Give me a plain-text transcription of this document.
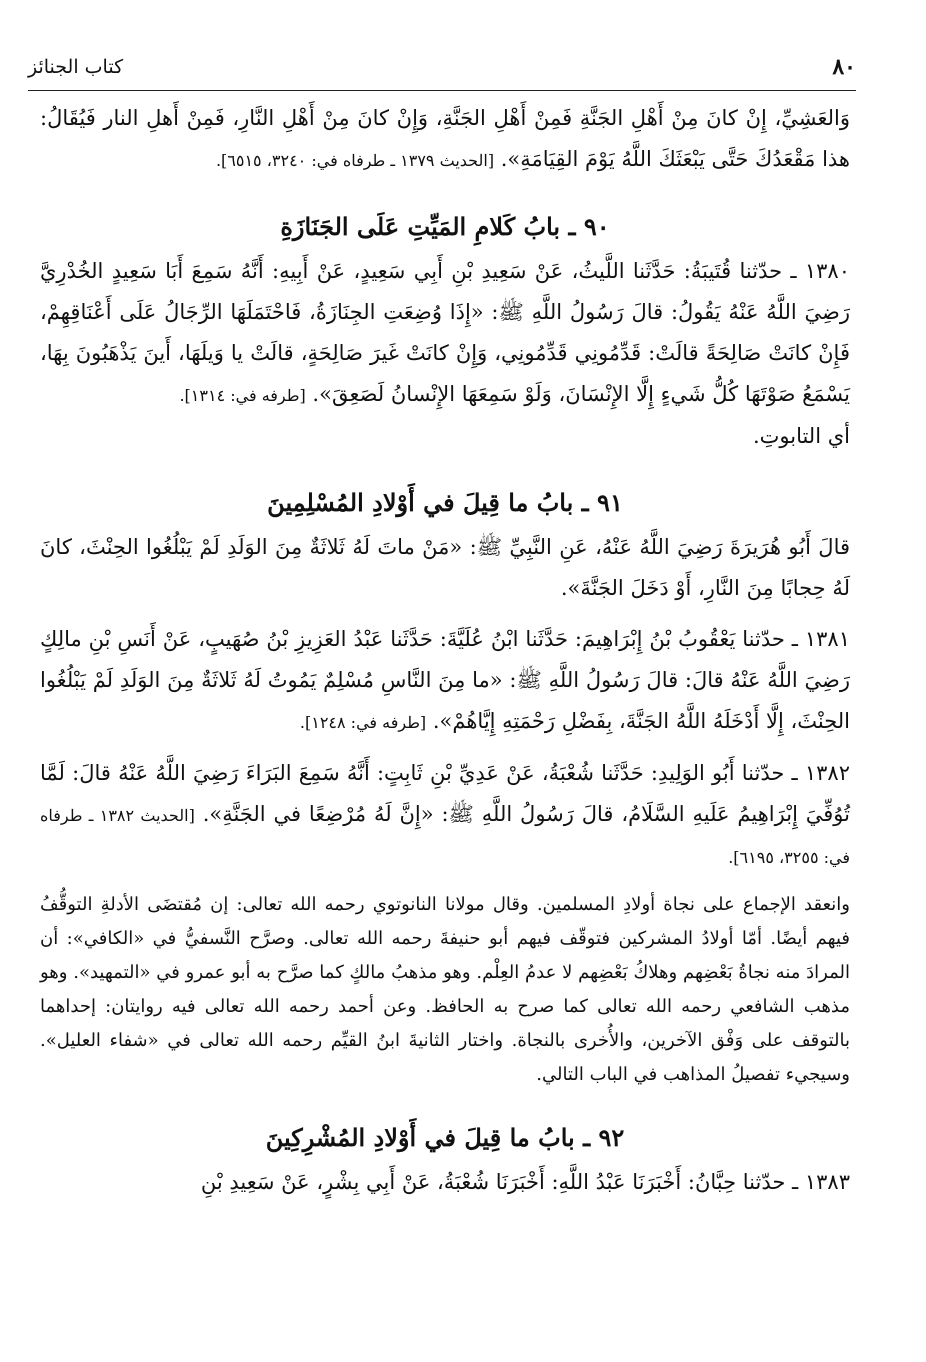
٨٠
كتاب الجنائز

وَالعَشِيِّ، إِنْ كانَ مِنْ أَهْلِ الجَنَّةِ فَمِنْ أَهْلِ الجَنَّةِ، وَإِنْ كانَ مِنْ أَهْلِ النَّارِ، فَمِنْ أَهلِ النار فَيُقَالُ: هذا مَقْعَدُكَ حَتَّى يَبْعَثَكَ اللَّهُ يَوْمَ القِيَامَةِ». [الحديث ١٣٧٩ ـ طرفاه في: ٣٢٤٠، ٦٥١٥].

٩٠ ـ بابُ كَلامِ المَيِّتِ عَلَى الجَنَازَةِ

١٣٨٠ ـ حدّثنا قُتَيبَةُ: حَدَّثَنا اللَّيثُ، عَنْ سَعِيدِ بْنِ أَبِي سَعِيدٍ، عَنْ أَبِيهِ: أَنَّهُ سَمِعَ أَبَا سَعِيدٍ الخُدْرِيَّ رَضِيَ اللَّهُ عَنْهُ يَقُولُ: قالَ رَسُولُ اللَّهِ ﷺ: «إِذَا وُضِعَتِ الجِنَازَةُ، فَاحْتَمَلَهَا الرِّجَالُ عَلَى أَعْنَاقِهِمْ، فَإِنْ كانَتْ صَالِحَةً قالَتْ: قَدِّمُونِي قَدِّمُونِي، وَإِنْ كانَتْ غَيرَ صَالِحَةٍ، قالَتْ يا وَيلَهَا، أَينَ يَذْهَبُونَ بِهَا، يَسْمَعُ صَوْتَهَا كُلُّ شَيءٍ إِلَّا الإِنْسَانَ، وَلَوْ سَمِعَهَا الإِنْسانُ لَصَعِقَ». [طرفه في: ١٣١٤].

أي التابوتِ.

٩١ ـ بابُ ما قِيلَ في أَوْلادِ المُسْلِمِينَ

قالَ أَبُو هُرَيرَةَ رَضِيَ اللَّهُ عَنْهُ، عَنِ النَّبِيِّ ﷺ: «مَنْ ماتَ لَهُ ثَلاثَةٌ مِنَ الوَلَدِ لَمْ يَبْلُغُوا الحِنْثَ، كانَ لَهُ حِجابًا مِنَ النَّارِ، أَوْ دَخَلَ الجَنَّةَ».

١٣٨١ ـ حدّثنا يَعْقُوبُ بْنُ إِبْرَاهِيمَ: حَدَّثَنا ابْنُ عُلَيَّةَ: حَدَّثَنا عَبْدُ العَزِيزِ بْنُ صُهَيبٍ، عَنْ أَنَسِ بْنِ مالِكٍ رَضِيَ اللَّهُ عَنْهُ قالَ: قالَ رَسُولُ اللَّهِ ﷺ: «ما مِنَ النَّاسِ مُسْلِمٌ يَمُوتُ لَهُ ثَلاثَةٌ مِنَ الوَلَدِ لَمْ يَبْلُغُوا الحِنْثَ، إِلَّا أَدْخَلَهُ اللَّهُ الجَنَّةَ، بِفَضْلِ رَحْمَتِهِ إِيَّاهُمْ». [طرفه في: ١٢٤٨].

١٣٨٢ ـ حدّثنا أَبُو الوَلِيدِ: حَدَّثَنا شُعْبَةُ، عَنْ عَدِيِّ بْنِ ثَابِتٍ: أَنَّهُ سَمِعَ البَرَاءَ رَضِيَ اللَّهُ عَنْهُ قالَ: لَمَّا تُوُفِّيَ إِبْرَاهِيمُ عَلَيهِ السَّلَامُ، قالَ رَسُولُ اللَّهِ ﷺ: «إِنَّ لَهُ مُرْضِعًا في الجَنَّةِ». [الحديث ١٣٨٢ ـ طرفاه في: ٣٢٥٥، ٦١٩٥].

وانعقد الإجماع على نجاة أولادِ المسلمين. وقال مولانا النانوتوي رحمه الله تعالى: إن مُقتضَى الأدلةِ التوقُّفُ فيهم أيضًا. أمّا أولادُ المشركين فتوقّف فيهم أبو حنيفةَ رحمه الله تعالى. وصرَّح النَّسفيُّ في «الكافي»: أن المرادَ منه نجاةُ بَعْضِهم وهلاكُ بَعْضِهم لا عدمُ العِلْم. وهو مذهبُ مالكٍ كما صرَّح به أبو عمرو في «التمهيد». وهو مذهب الشافعي رحمه الله تعالى كما صرح به الحافظ. وعن أحمد رحمه الله تعالى فيه روايتان: إحداهما بالتوقف على وَفْق الآخرين، والأُخرى بالنجاة. واختار الثانيةَ ابنُ القيِّم رحمه الله تعالى في «شفاء العليل». وسيجيء تفصيلُ المذاهب في الباب التالي.

٩٢ ـ بابُ ما قِيلَ في أَوْلادِ المُشْرِكِينَ

١٣٨٣ ـ حدّثنا حِبَّانُ: أَخْبَرَنَا عَبْدُ اللَّهِ: أَخْبَرَنَا شُعْبَةُ، عَنْ أَبِي بِشْرٍ، عَنْ سَعِيدِ بْنِ
